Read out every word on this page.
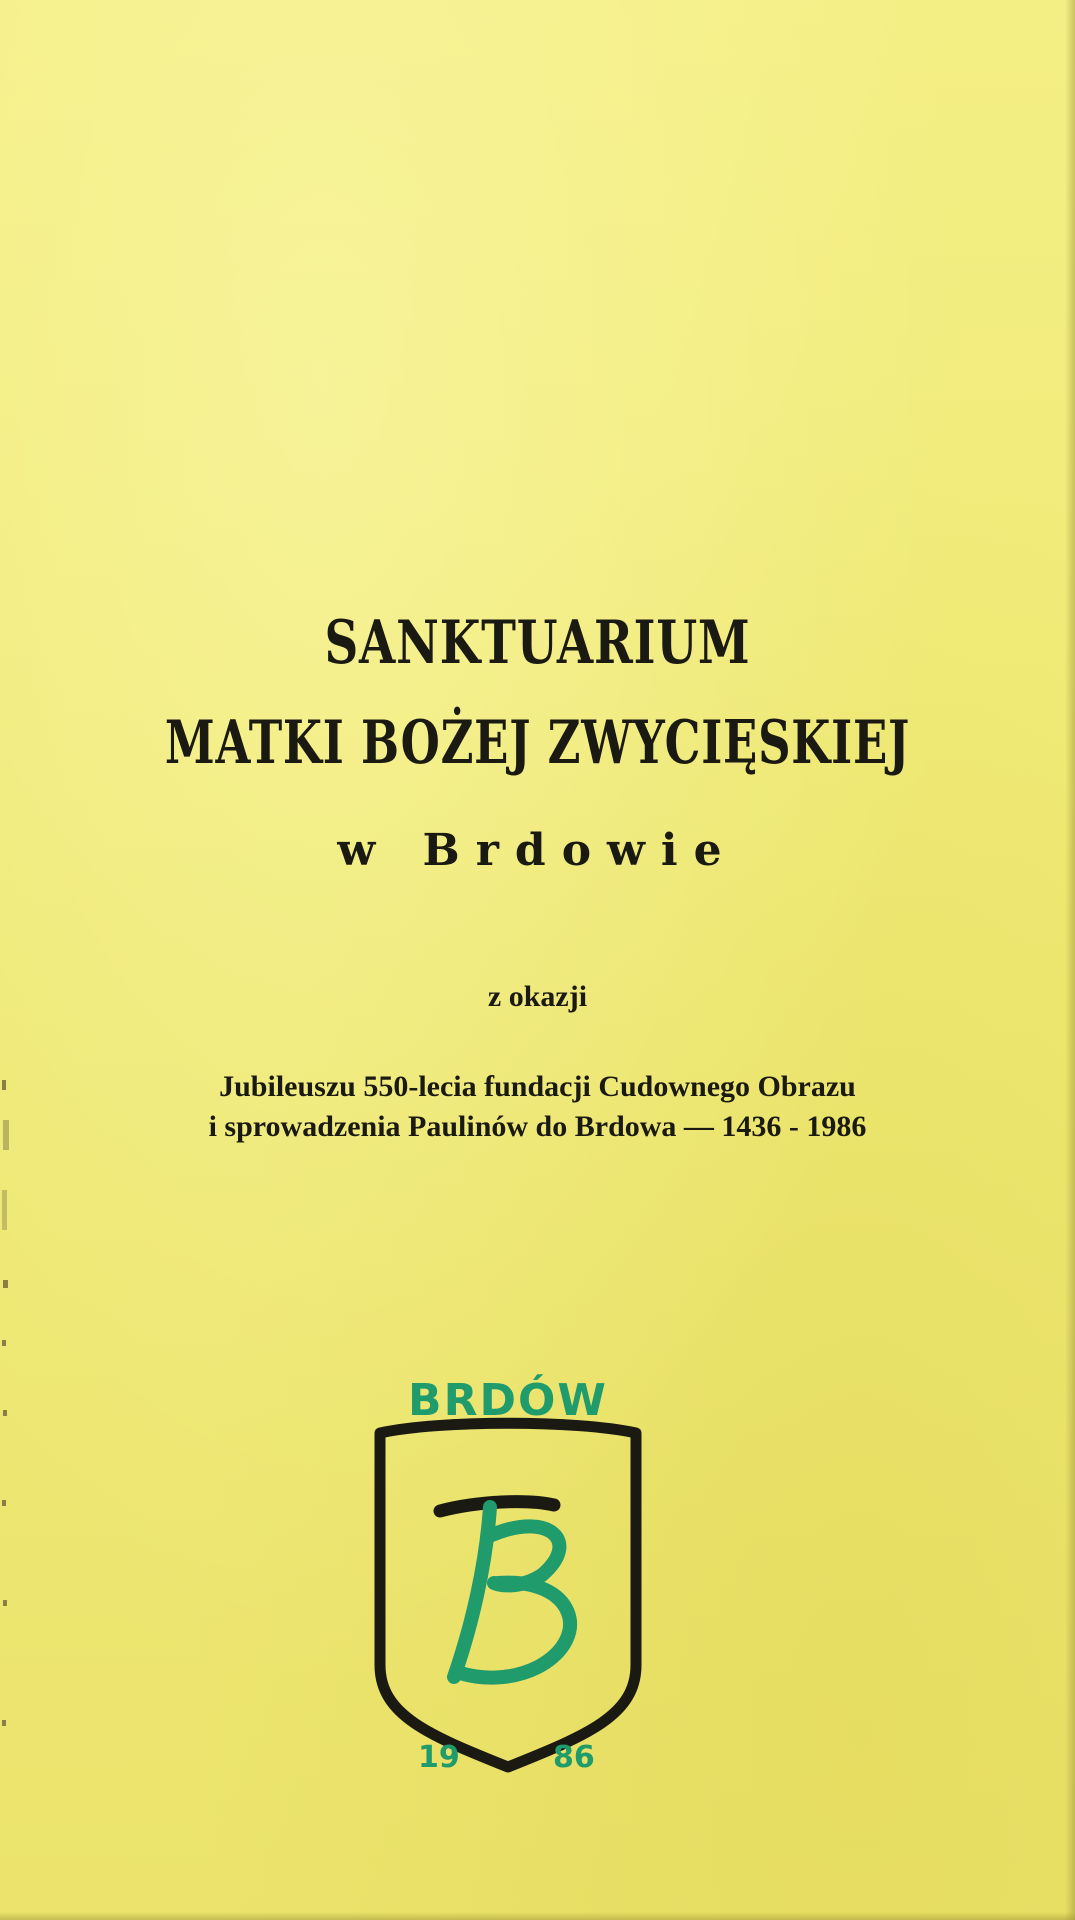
SANKTUARIUM
MATKI BOŻEJ ZWYCIĘSKIEJ
w Brdowie
z okazji
Jubileuszu 550-lecia fundacji Cudownego Obrazu
i sprowadzenia Paulinów do Brdowa — 1436 - 1986
BRDÓW
19	86
